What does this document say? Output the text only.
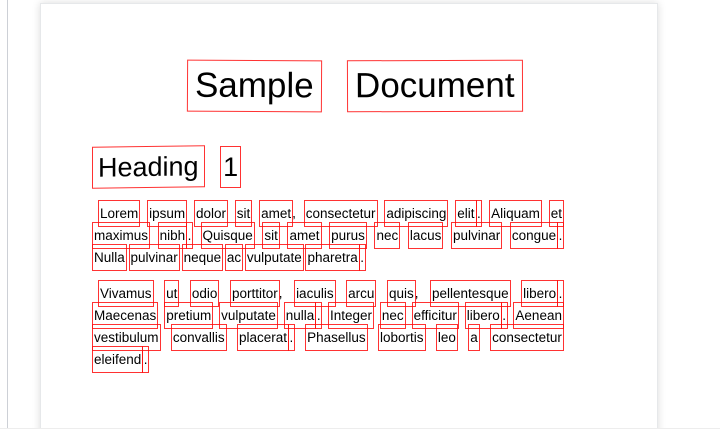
Sample Document
Heading 1
Lorem ipsum dolor sit amet, consectetur adipiscing elit . Aliquam et
maximus nibh . Quisque sit amet purus nec lacus pulvinar congue .
Nulla pulvinar neque ac vulputate pharetra .
Vivamus ut odio porttitor, iaculis arcu quis, pellentesque libero .
Maecenas pretium vulputate nulla . Integer nec efficitur libero . Aenean
vestibulum convallis placerat . Phasellus lobortis leo a consectetur
eleifend .
